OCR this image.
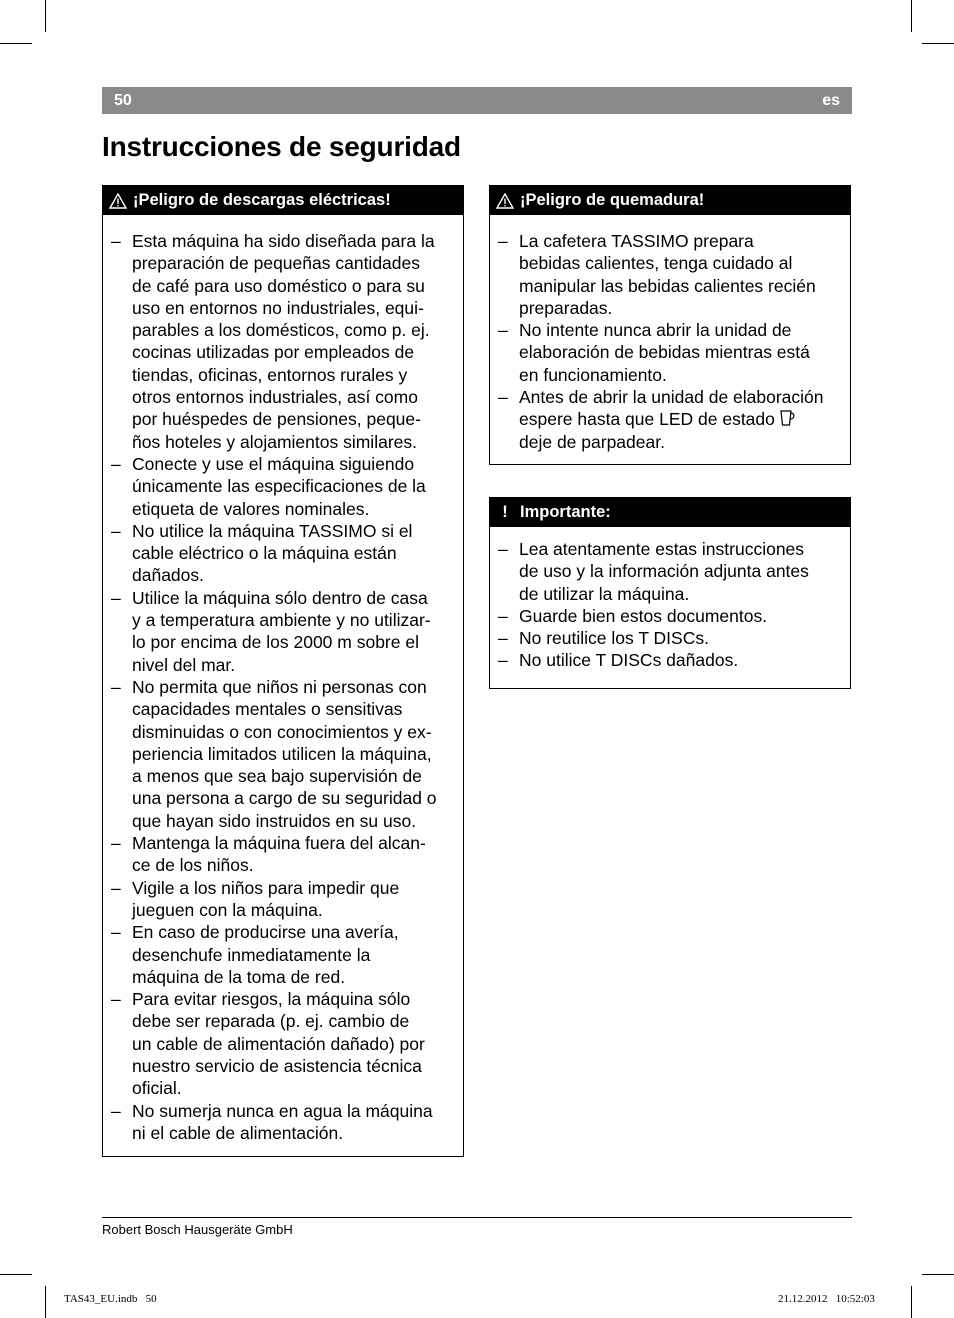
50	es
Instrucciones de seguridad
¡Peligro de descargas eléctricas!
– Esta máquina ha sido diseñada para la
preparación de pequeñas cantidades
de café para uso doméstico o para su
uso en entornos no industriales, equi-
parables a los domésticos, como p. ej.
cocinas utilizadas por empleados de
tiendas, oficinas, entornos rurales y
otros entornos industriales, así como
por huéspedes de pensiones, peque-
ños hoteles y alojamientos similares.
– Conecte y use el máquina siguiendo
únicamente las especificaciones de la
etiqueta de valores nominales.
– No utilice la máquina TASSIMO si el
cable eléctrico o la máquina están
dañados.
– Utilice la máquina sólo dentro de casa
y a temperatura ambiente y no utilizar-
lo por encima de los 2000 m sobre el
nivel del mar.
– No permita que niños ni personas con
capacidades mentales o sensitivas
disminuidas o con conocimientos y ex-
periencia limitados utilicen la máquina,
a menos que sea bajo supervisión de
una persona a cargo de su seguridad o
que hayan sido instruidos en su uso.
– Mantenga la máquina fuera del alcan-
ce de los niños.
– Vigile a los niños para impedir que
jueguen con la máquina.
– En caso de producirse una avería,
desenchufe inmediatamente la
máquina de la toma de red.
– Para evitar riesgos, la máquina sólo
debe ser reparada (p. ej. cambio de
un cable de alimentación dañado) por
nuestro servicio de asistencia técnica
oficial.
– No sumerja nunca en agua la máquina
ni el cable de alimentación.
¡Peligro de quemadura!
– La cafetera TASSIMO prepara
bebidas calientes, tenga cuidado al
manipular las bebidas calientes recién
preparadas.
– No intente nunca abrir la unidad de
elaboración de bebidas mientras está
en funcionamiento.
– Antes de abrir la unidad de elaboración
espere hasta que LED de estado
deje de parpadear.
! Importante:
– Lea atentamente estas instrucciones
de uso y la información adjunta antes
de utilizar la máquina.
– Guarde bien estos documentos.
– No reutilice los T DISCs.
– No utilice T DISCs dañados.
Robert Bosch Hausgeräte GmbH
TAS43_EU.indb   50	21.12.2012   10:52:03
